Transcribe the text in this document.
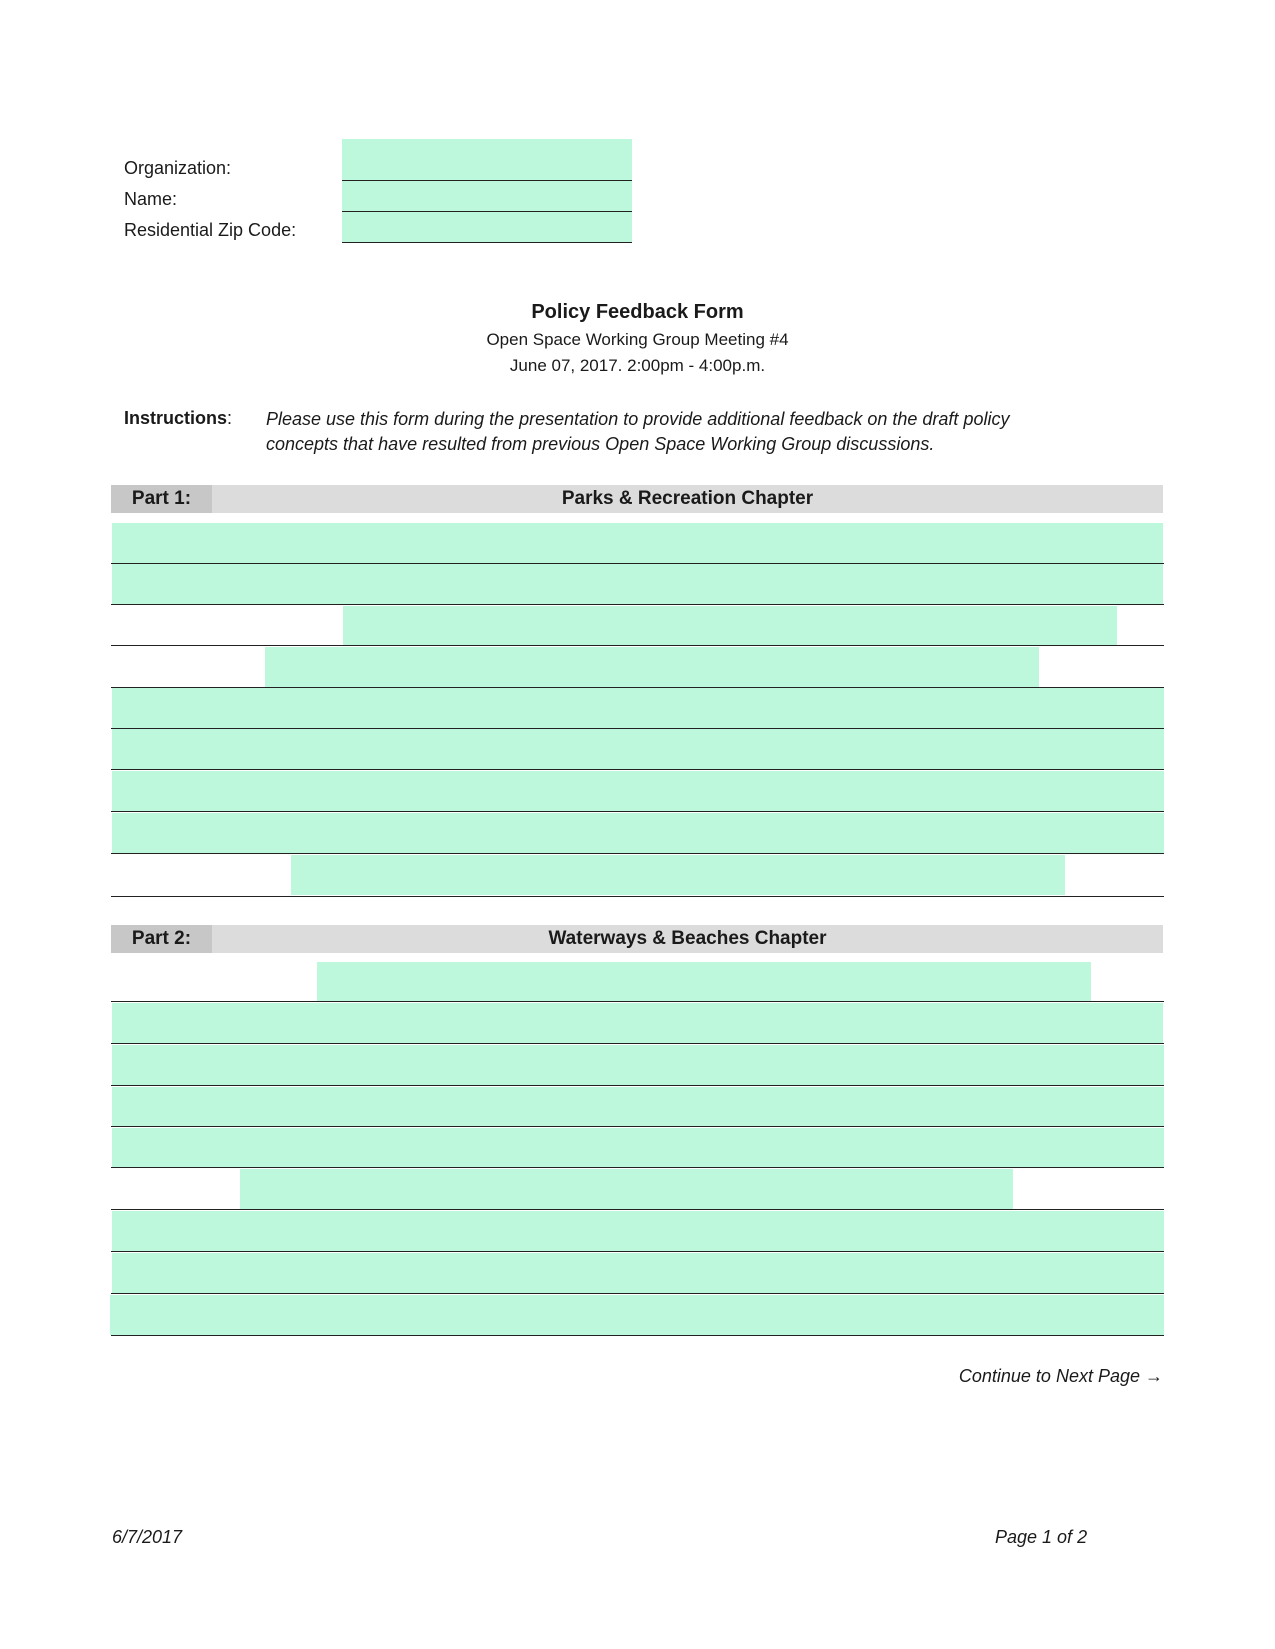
Organization:
Name:
Residential Zip Code:
Policy Feedback Form
Open Space Working Group Meeting #4
June 07, 2017. 2:00pm - 4:00p.m.
Instructions: Please use this form during the presentation to provide additional feedback on the draft policy concepts that have resulted from previous Open Space Working Group discussions.
Part 1:	Parks & Recreation Chapter
Part 2:	Waterways & Beaches Chapter
Continue to Next Page →
6/7/2017	Page 1 of 2
